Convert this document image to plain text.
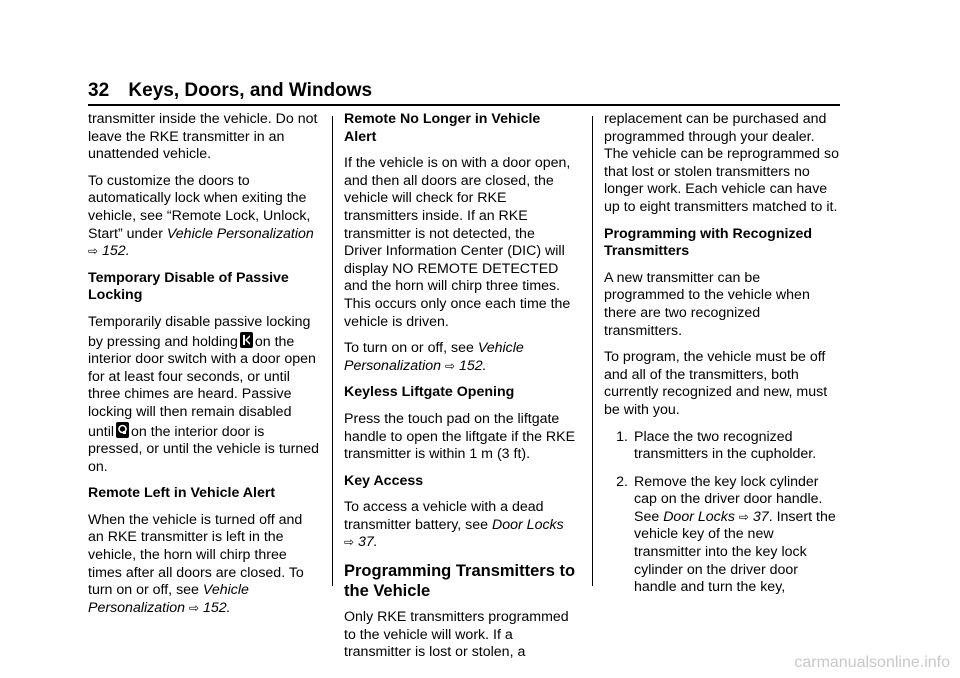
32 Keys, Doors, and Windows

transmitter inside the vehicle. Do not leave the RKE transmitter in an unattended vehicle.

To customize the doors to automatically lock when exiting the vehicle, see “Remote Lock, Unlock, Start” under Vehicle Personalization
⇨ 152.

Temporary Disable of Passive Locking

Temporarily disable passive locking by pressing and holding on the interior door switch with a door open for at least four seconds, or until three chimes are heard. Passive locking will then remain disabled until on the interior door is pressed, or until the vehicle is turned on.

Remote Left in Vehicle Alert

When the vehicle is turned off and an RKE transmitter is left in the vehicle, the horn will chirp three times after all doors are closed. To turn on or off, see Vehicle Personalization ⇨ 152.

Remote No Longer in Vehicle Alert

If the vehicle is on with a door open, and then all doors are closed, the vehicle will check for RKE transmitters inside. If an RKE transmitter is not detected, the Driver Information Center (DIC) will display NO REMOTE DETECTED and the horn will chirp three times. This occurs only once each time the vehicle is driven.

To turn on or off, see Vehicle Personalization ⇨ 152.

Keyless Liftgate Opening

Press the touch pad on the liftgate handle to open the liftgate if the RKE transmitter is within 1 m (3 ft).

Key Access

To access a vehicle with a dead transmitter battery, see Door Locks
⇨ 37.

Programming Transmitters to the Vehicle

Only RKE transmitters programmed to the vehicle will work. If a transmitter is lost or stolen, a

replacement can be purchased and programmed through your dealer. The vehicle can be reprogrammed so that lost or stolen transmitters no longer work. Each vehicle can have up to eight transmitters matched to it.

Programming with Recognized Transmitters

A new transmitter can be programmed to the vehicle when there are two recognized transmitters.

To program, the vehicle must be off and all of the transmitters, both currently recognized and new, must be with you.

1. Place the two recognized transmitters in the cupholder.
2. Remove the key lock cylinder cap on the driver door handle. See Door Locks ⇨ 37. Insert the vehicle key of the new transmitter into the key lock cylinder on the driver door handle and turn the key,
carmanualsonline.info
